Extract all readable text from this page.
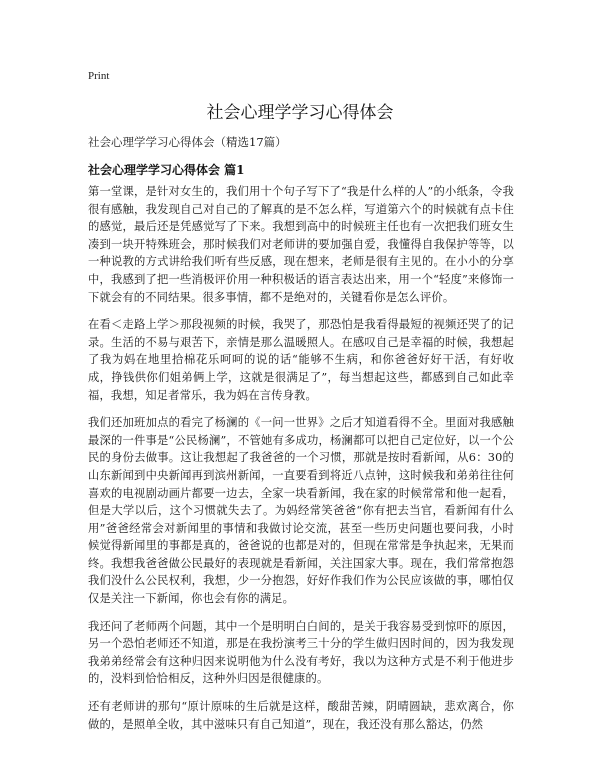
Print
社会心理学学习心得体会
社会心理学学习心得体会（精选17篇）
社会心理学学习心得体会 篇1

第一堂课，是针对女生的，我们用十个句子写下了“我是什么样的人”的小纸条，令我很有感触，我发现自己对自己的了解真的是不怎么样，写道第六个的时候就有点卡住的感觉，最后还是凭感觉写了下来。我想到高中的时候班主任也有一次把我们班女生凑到一块开特殊班会，那时候我们对老师讲的要加强自爱，我懂得自我保护等等，以一种说教的方式讲给我们听有些反感，现在想来，老师是很有主见的。在小小的分享中，我感到了把一些消极评价用一种积极话的语言表达出来，用一个“轻度”来修饰一下就会有的不同结果。很多事情，都不是绝对的，关键看你是怎么评价。

在看＜走路上学＞那段视频的时候，我哭了，那恐怕是我看得最短的视频还哭了的记录。生活的不易与艰苦下，亲情是那么温暖照人。在感叹自己是幸福的时候，我想起了我为妈在地里拾棉花乐呵呵的说的话“能够不生病，和你爸爸好好干活，有好收成，挣钱供你们姐弟俩上学，这就是很满足了”，每当想起这些，都感到自己如此幸福，我想，知足者常乐，我为妈在言传身教。

我们还加班加点的看完了杨澜的《一问一世界》之后才知道看得不全。里面对我感触最深的一件事是“公民杨澜”，不管她有多成功，杨澜都可以把自己定位好，以一个公民的身份去做事。这让我想起了我爸爸的一个习惯，那就是按时看新闻，从6：30的山东新闻到中央新闻再到滨州新闻，一直要看到将近八点钟，这时候我和弟弟往往何喜欢的电视剧动画片都要一边去，全家一块看新闻，我在家的时候常常和他一起看，但是大学以后，这个习惯就失去了。为妈经常笑爸爸“你有把去当官，看新闻有什么用”爸爸经常会对新闻里的事情和我做讨论交流，甚至一些历史问题也要问我，小时候觉得新闻里的事都是真的，爸爸说的也都是对的，但现在常常是争执起来，无果而终。我想我爸爸做公民最好的表现就是看新闻，关注国家大事。现在，我们常常抱怨我们没什么公民权利，我想，少一分抱怨，好好作我们作为公民应该做的事，哪怕仅仅是关注一下新闻，你也会有你的满足。

我还问了老师两个问题，其中一个是明明白白间的，是关于我容易受到惊吓的原因，另一个恐怕老师还不知道，那是在我扮演考三十分的学生做归因时间的，因为我发现我弟弟经常会有这种归因来说明他为什么没有考好，我以为这种方式是不利于他进步的，没料到恰恰相反，这种外归因是很健康的。

还有老师讲的那句“原计原味的生后就是这样，酸甜苦辣，阴晴圆缺，悲欢离合，你做的，是照单全收，其中滋味只有自己知道”，现在，我还没有那么豁达，仍然
